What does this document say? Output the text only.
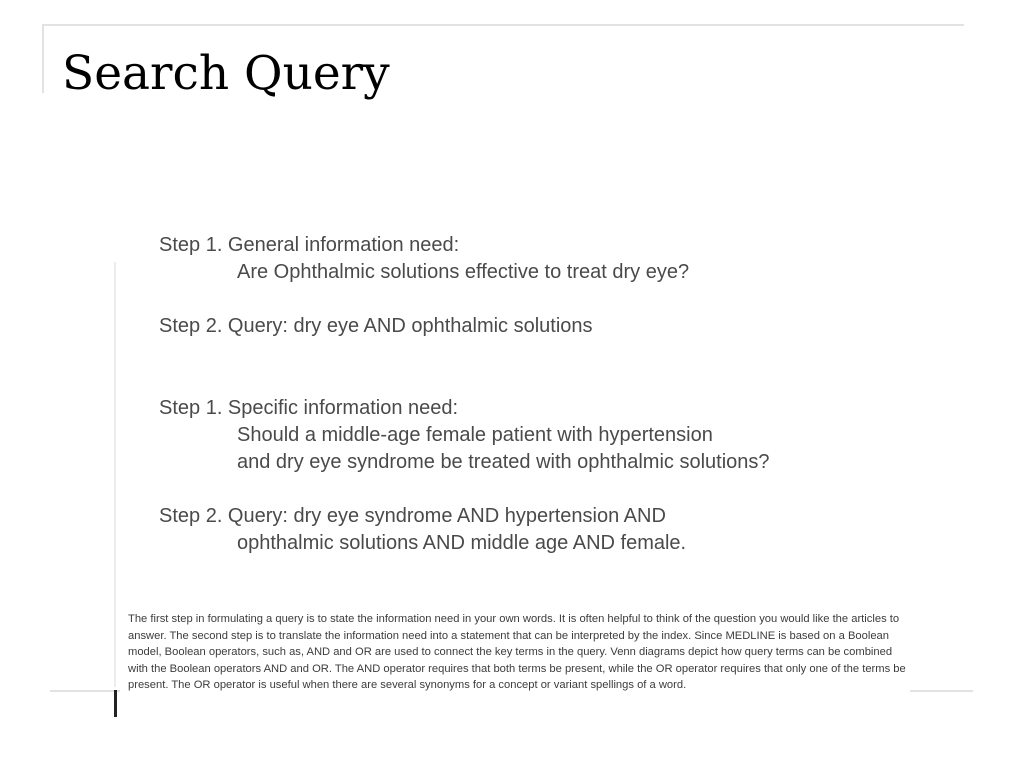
Search Query
Step 1. General information need:
Are Ophthalmic solutions effective to treat dry eye?
Step 2. Query: dry eye AND ophthalmic solutions
Step 1. Specific information need:
Should a middle-age female patient with hypertension
and dry eye syndrome be treated with ophthalmic solutions?
Step 2. Query: dry eye syndrome AND hypertension AND
ophthalmic solutions AND middle age AND female.

The first step in formulating a query is to state the information need in your own words. It is often helpful to think of the question you would like the articles to answer. The second step is to translate the information need into a statement that can be interpreted by the index. Since MEDLINE is based on a Boolean model, Boolean operators, such as, AND and OR are used to connect the key terms in the query. Venn diagrams depict how query terms can be combined with the Boolean operators AND and OR. The AND operator requires that both terms be present, while the OR operator requires that only one of the terms be present. The OR operator is useful when there are several synonyms for a concept or variant spellings of a word.
